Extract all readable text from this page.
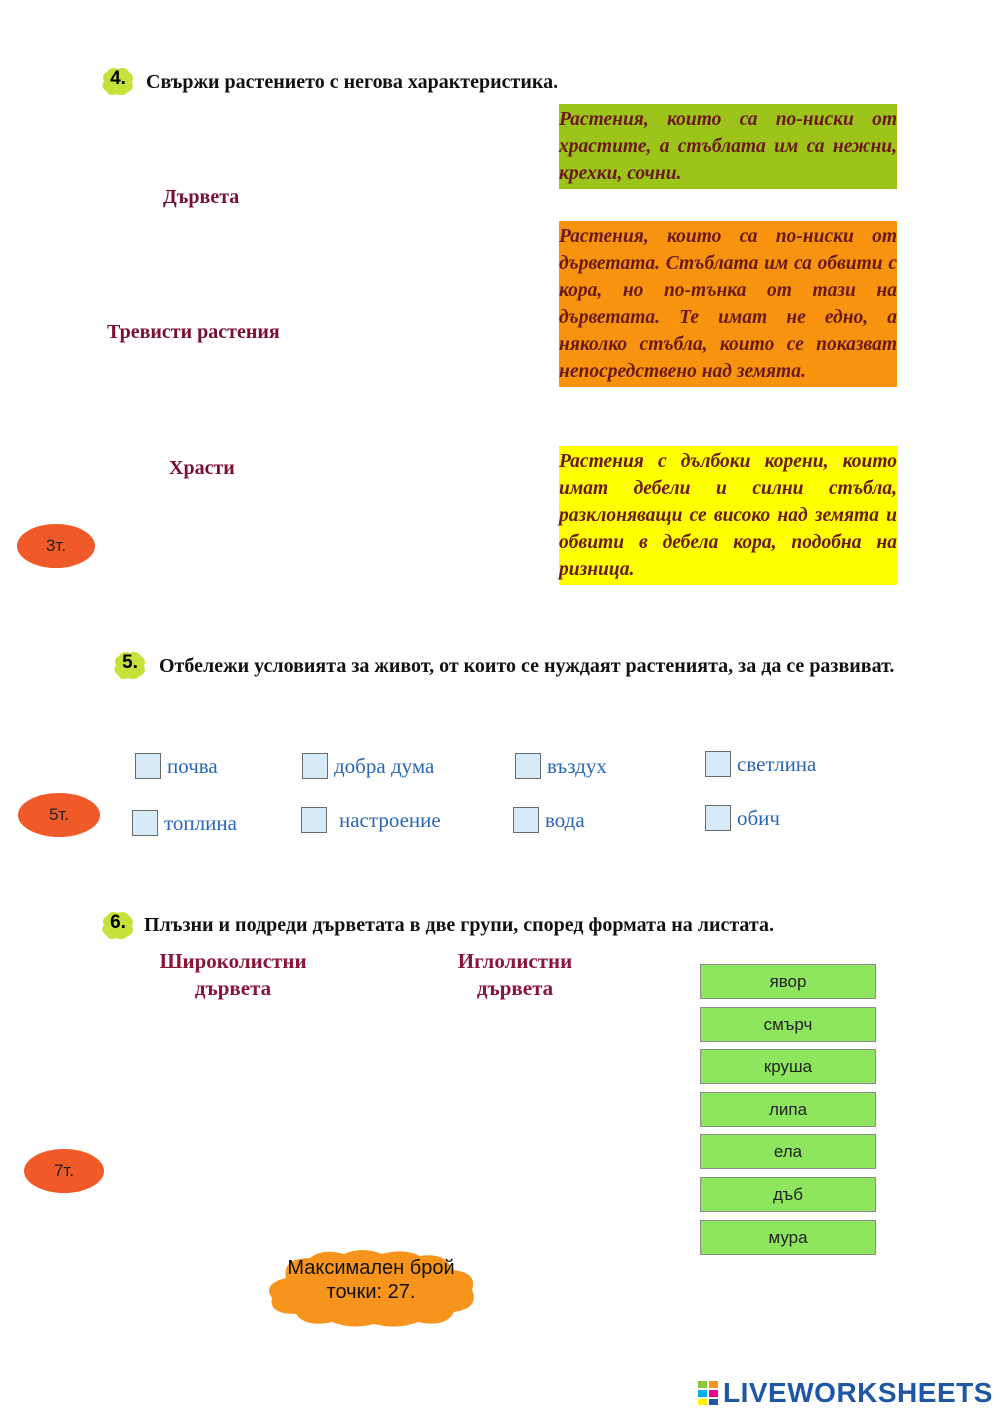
4.	Свържи растението с негова характеристика.
Дървета
Тревисти растения
Храсти
Растения, които са по-ниски от храстите, а стъблата им са нежни, крехки, сочни.
Растения, които са по-ниски от дърветата. Стъблата им са обвити с кора, но по-тънка от тази на дърветата. Те имат не едно, а няколко стъбла, които се показват непосредствено над земята.
Растения с дълбоки корени, които имат дебели и силни стъбла, разклоняващи се високо над земята и обвити в дебела кора, подобна на ризница.
3т.
5.	Отбележи условията за живот, от които се нуждаят растенията, за да се развиват.
почва	добра дума	въздух	светлина
топлина	настроение	вода	обич
5т.
6. Плъзни и подреди дърветата в две групи, според формата на листата.
Широколистни дървета
Иглолистни дървета	явор
смърч
круша
липа
ела
дъб
мура
7т.
Максимален брой точки: 27.
LIVEWORKSHEETS
